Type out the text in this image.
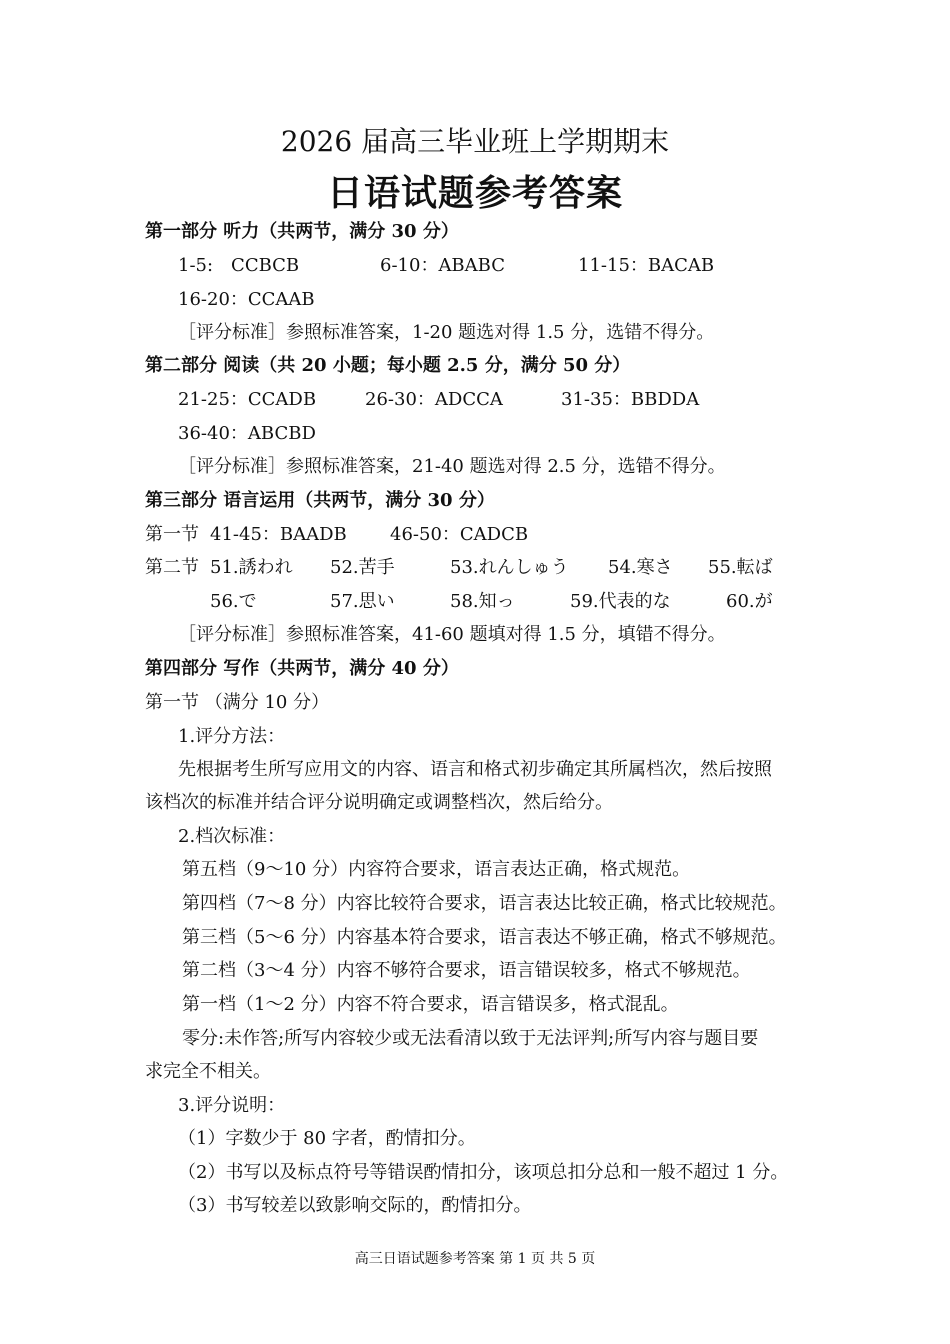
2026 届高三毕业班上学期期末
日语试题参考答案
第一部分 听力（共两节，满分 30 分）
1-5:　CCBCB	6-10：ABABC	11-15：BACAB
16-20：CCAAB
［评分标准］参照标准答案，1-20 题选对得 1.5 分，选错不得分。
第二部分 阅读（共 20 小题；每小题 2.5 分，满分 50 分）
21-25：CCADB	26-30：ADCCA	31-35：BBDDA
36-40：ABCBD
［评分标准］参照标准答案，21-40 题选对得 2.5 分，选错不得分。
第三部分 语言运用（共两节，满分 30 分）
第一节 41-45：BAADB 46-50：CADCB
第二节 51.誘われ 52.苦手	53.れんしゅう 54.寒さ 55.転ば
56.で	57.思い	58.知っ	59.代表的な	60.が
［评分标准］参照标准答案，41-60 题填对得 1.5 分，填错不得分。
第四部分 写作（共两节，满分 40 分）
第一节 （满分 10 分）
1.评分方法：
先根据考生所写应用文的内容、语言和格式初步确定其所属档次，然后按照
该档次的标准并结合评分说明确定或调整档次，然后给分。
2.档次标准：
第五档（9～10 分）内容符合要求，语言表达正确，格式规范。
第四档（7～8 分）内容比较符合要求，语言表达比较正确，格式比较规范。
第三档（5～6 分）内容基本符合要求，语言表达不够正确，格式不够规范。
第二档（3～4 分）内容不够符合要求，语言错误较多，格式不够规范。
第一档（1～2 分）内容不符合要求，语言错误多，格式混乱。
零分:未作答;所写内容较少或无法看清以致于无法评判;所写内容与题目要
求完全不相关。
3.评分说明：
（1）字数少于 80 字者，酌情扣分。
（2）书写以及标点符号等错误酌情扣分，该项总扣分总和一般不超过 1 分。
（3）书写较差以致影响交际的，酌情扣分。
高三日语试题参考答案 第 1 页 共 5 页
